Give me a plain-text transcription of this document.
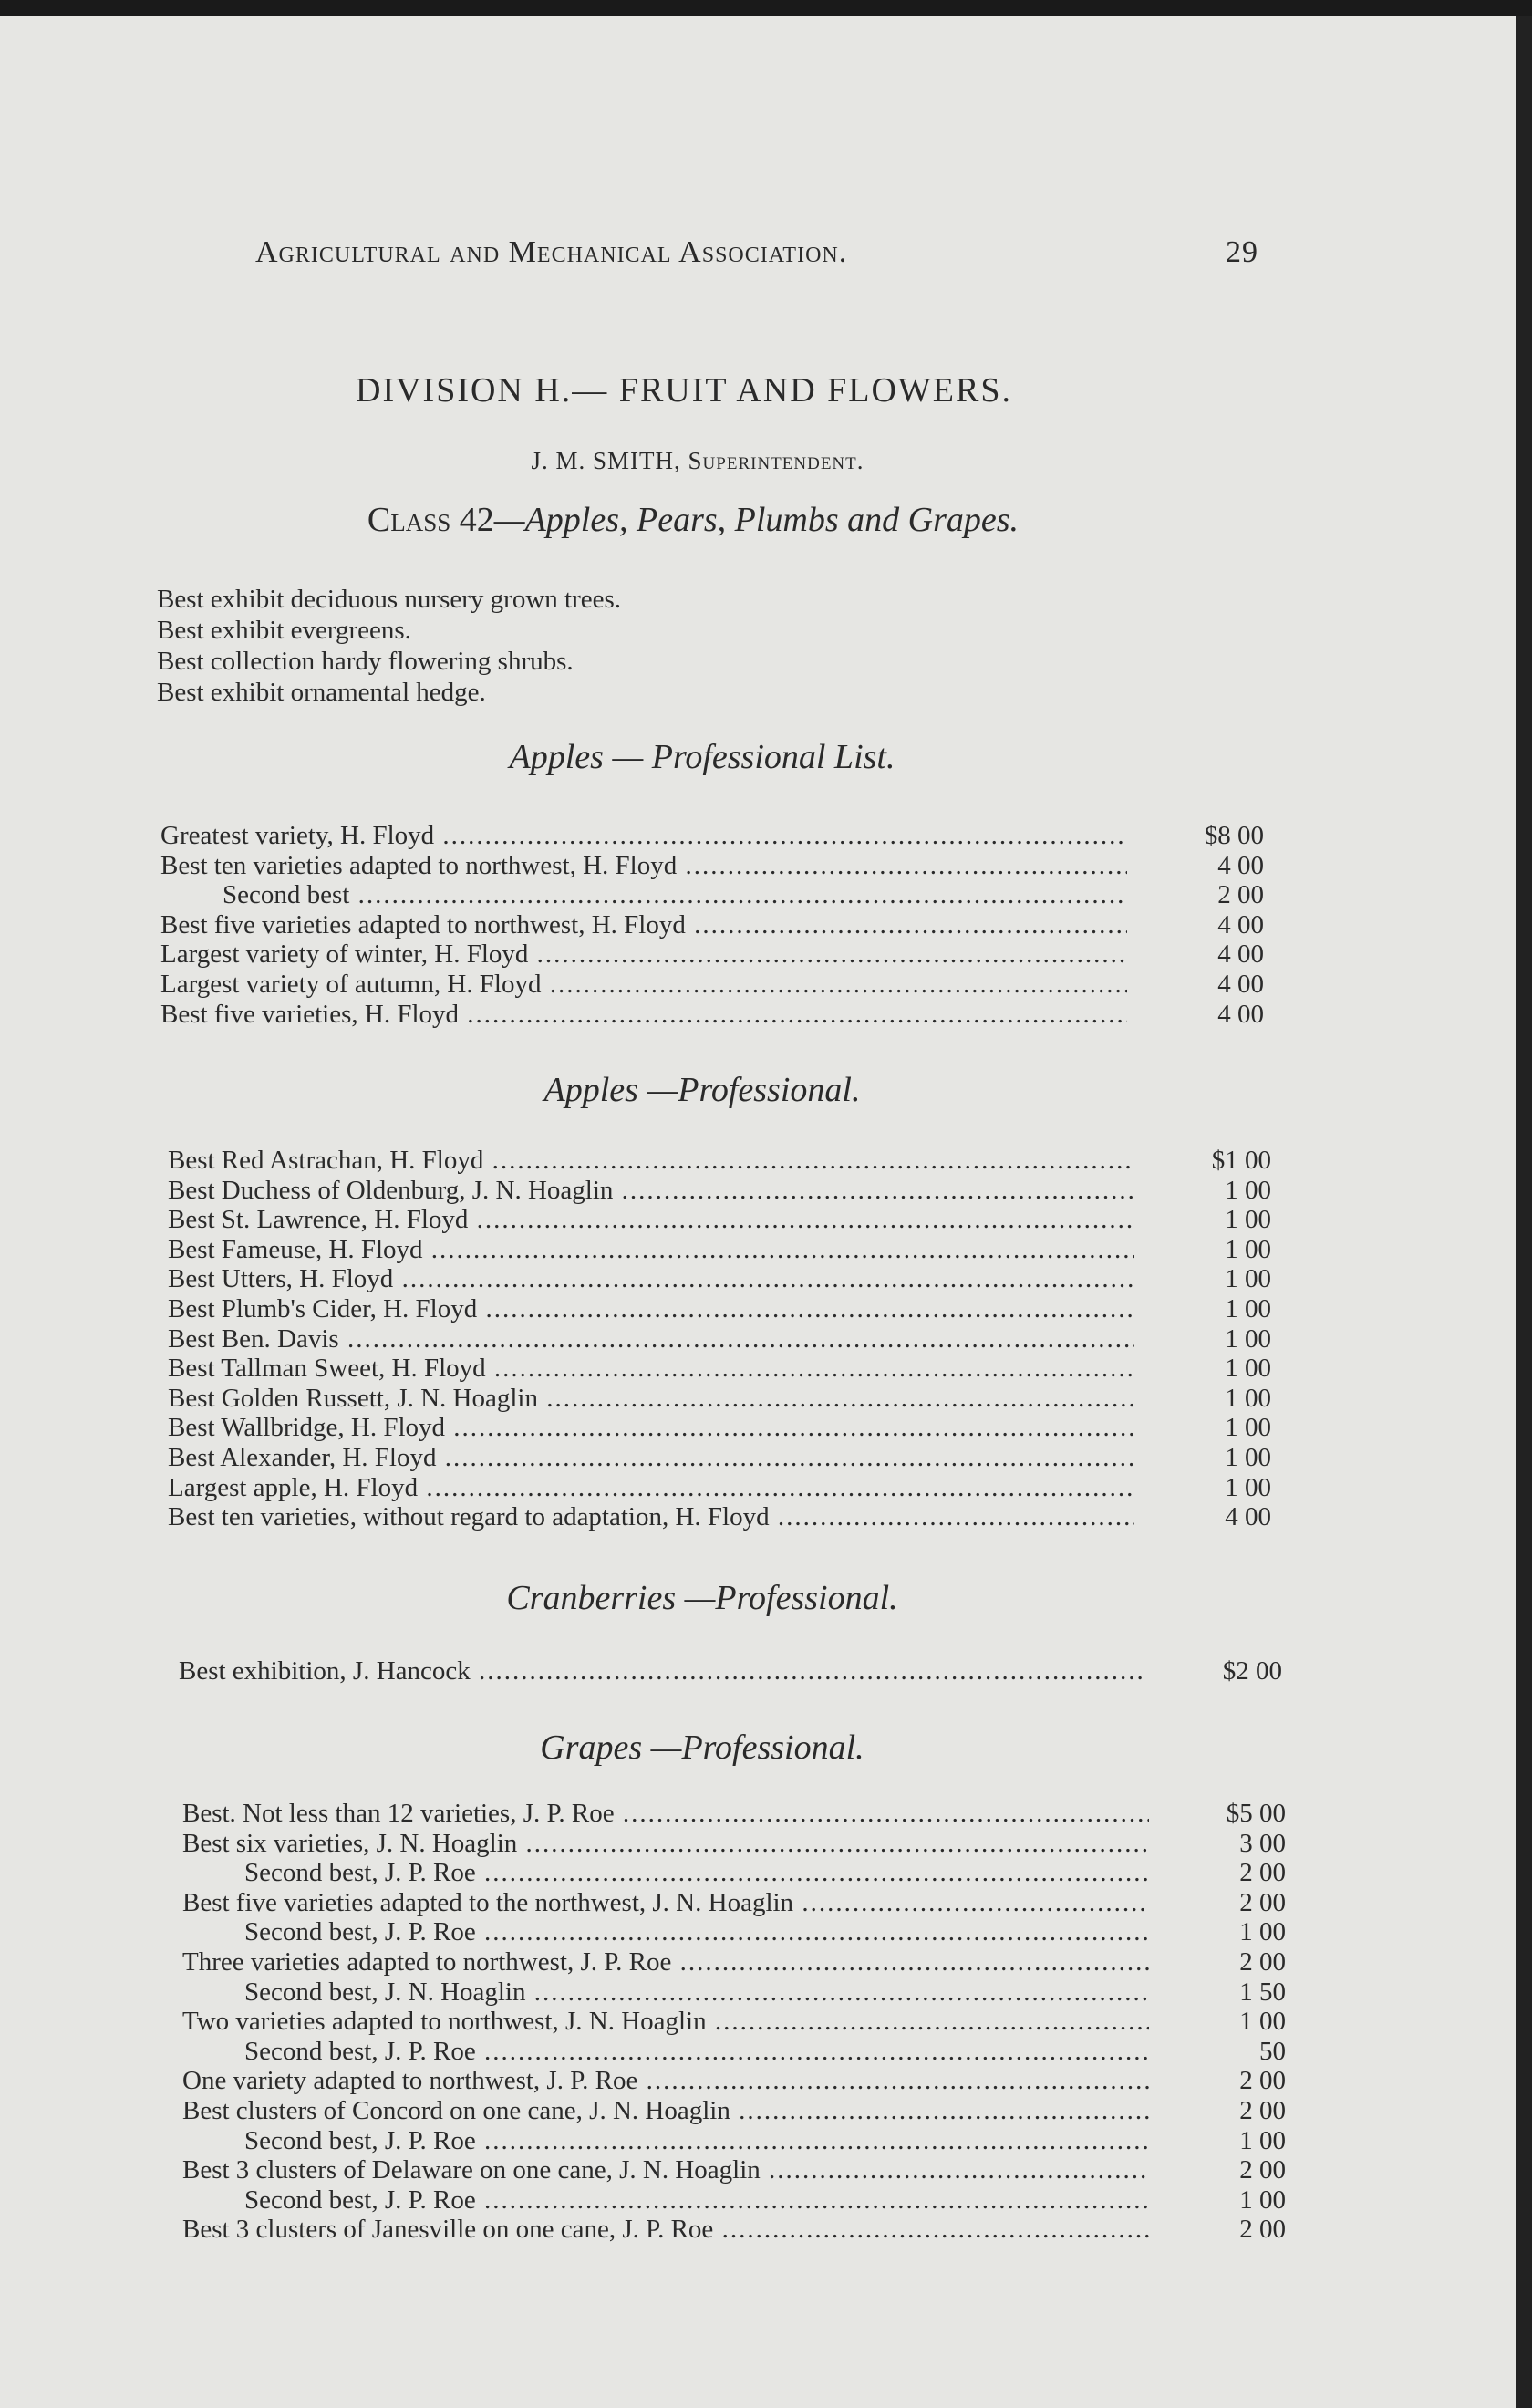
Agricultural and Mechanical Association.	29
DIVISION H.— FRUIT AND FLOWERS.
J. M. SMITH, Superintendent.
Class 42—Apples, Pears, Plumbs and Grapes.
Best exhibit deciduous nursery grown trees.
Best exhibit evergreens.
Best collection hardy flowering shrubs.
Best exhibit ornamental hedge.
Apples — Professional List.
Greatest variety, H. Floyd .....	$8 00
Best ten varieties adapted to northwest, H. Floyd .....	4 00
Second best .....	2 00
Best five varieties adapted to northwest, H. Floyd .....	4 00
Largest variety of winter, H. Floyd .....	4 00
Largest variety of autumn, H. Floyd .....	4 00
Best five varieties, H. Floyd .....	4 00
Apples —Professional.
Best Red Astrachan, H. Floyd .....	$1 00
Best Duchess of Oldenburg, J. N. Hoaglin .....	1 00
Best St. Lawrence, H. Floyd .....	1 00
Best Fameuse, H. Floyd .....	1 00
Best Utters, H. Floyd .....	1 00
Best Plumb's Cider, H. Floyd .....	1 00
Best Ben. Davis .....	1 00
Best Tallman Sweet, H. Floyd .....	1 00
Best Golden Russett, J. N. Hoaglin .....	1 00
Best Wallbridge, H. Floyd .....	1 00
Best Alexander, H. Floyd .....	1 00
Largest apple, H. Floyd .....	1 00
Best ten varieties, without regard to adaptation, H. Floyd .....	4 00
Cranberries —Professional.
Best exhibition, J. Hancock .....	$2 00
Grapes —Professional.
Best. Not less than 12 varieties, J. P. Roe .....	$5 00
Best six varieties, J. N. Hoaglin .....	3 00
Second best, J. P. Roe .....	2 00
Best five varieties adapted to the northwest, J. N. Hoaglin .....	2 00
Second best, J. P. Roe .....	1 00
Three varieties adapted to northwest, J. P. Roe .....	2 00
Second best, J. N. Hoaglin .....	1 50
Two varieties adapted to northwest, J. N. Hoaglin .....	1 00
Second best, J. P. Roe .....	50
One variety adapted to northwest, J. P. Roe .....	2 00
Best clusters of Concord on one cane, J. N. Hoaglin .....	2 00
Second best, J. P. Roe .....	1 00
Best 3 clusters of Delaware on one cane, J. N. Hoaglin .....	2 00
Second best, J. P. Roe .....	1 00
Best 3 clusters of Janesville on one cane, J. P. Roe .....	2 00
